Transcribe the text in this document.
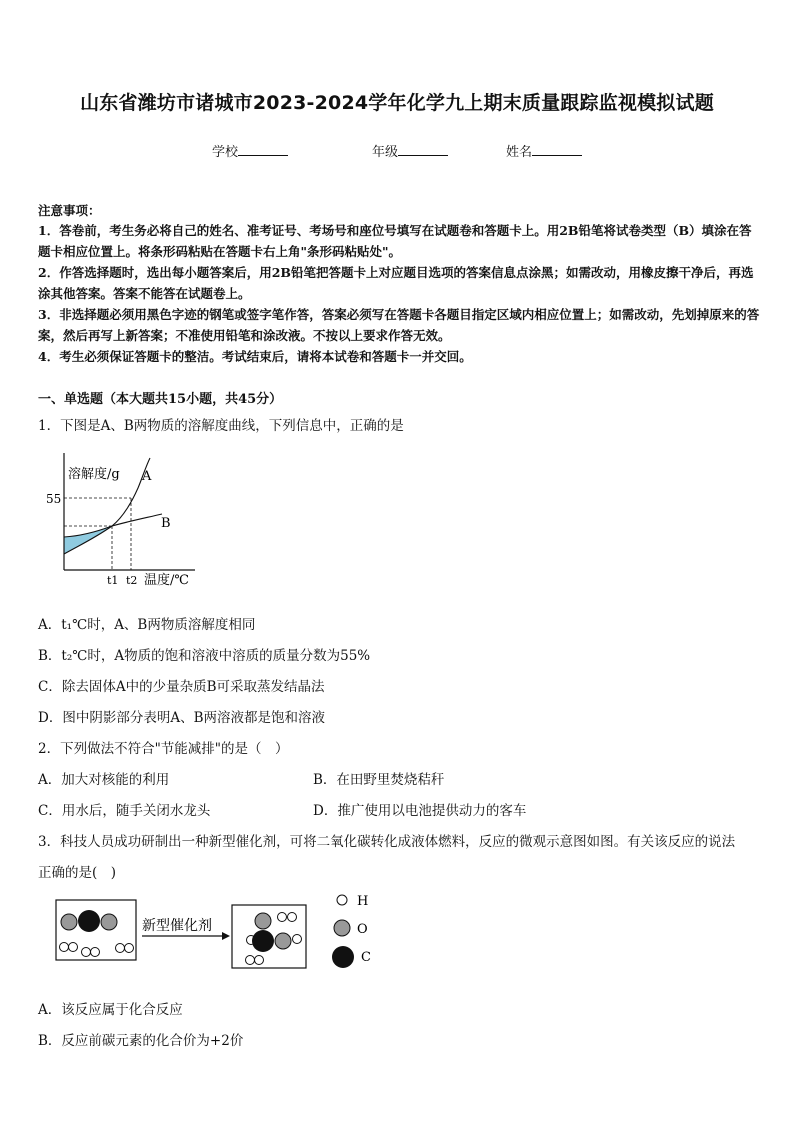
山东省潍坊市诸城市2023-2024学年化学九上期末质量跟踪监视模拟试题
学校	年级	姓名
注意事项：
1．答卷前，考生务必将自己的姓名、准考证号、考场号和座位号填写在试题卷和答题卡上。用2B铅笔将试卷类型（B）填涂在答题卡相应位置上。将条形码粘贴在答题卡右上角"条形码粘贴处"。
2．作答选择题时，选出每小题答案后，用2B铅笔把答题卡上对应题目选项的答案信息点涂黑；如需改动，用橡皮擦干净后，再选涂其他答案。答案不能答在试题卷上。
3．非选择题必须用黑色字迹的钢笔或签字笔作答，答案必须写在答题卡各题目指定区域内相应位置上；如需改动，先划掉原来的答案，然后再写上新答案；不准使用铅笔和涂改液。不按以上要求作答无效。
4．考生必须保证答题卡的整洁。考试结束后，请将本试卷和答题卡一并交回。
一、单选题（本大题共15小题，共45分）
1．下图是A、B两物质的溶解度曲线，下列信息中，正确的是
溶解度/g A
B
55
t1 t2 温度/℃
A．t₁℃时，A、B两物质溶解度相同
B．t₂℃时，A物质的饱和溶液中溶质的质量分数为55%
C．除去固体A中的少量杂质B可采取蒸发结晶法
D．图中阴影部分表明A、B两溶液都是饱和溶液
2．下列做法不符合"节能减排"的是（　）
A．加大对核能的利用	B．在田野里焚烧秸秆
C．用水后，随手关闭水龙头	D．推广使用以电池提供动力的客车
3．科技人员成功研制出一种新型催化剂，可将二氧化碳转化成液体燃料，反应的微观示意图如图。有关该反应的说法
正确的是(　)
新型催化剂
H
O
C
A．该反应属于化合反应
B．反应前碳元素的化合价为+2价
